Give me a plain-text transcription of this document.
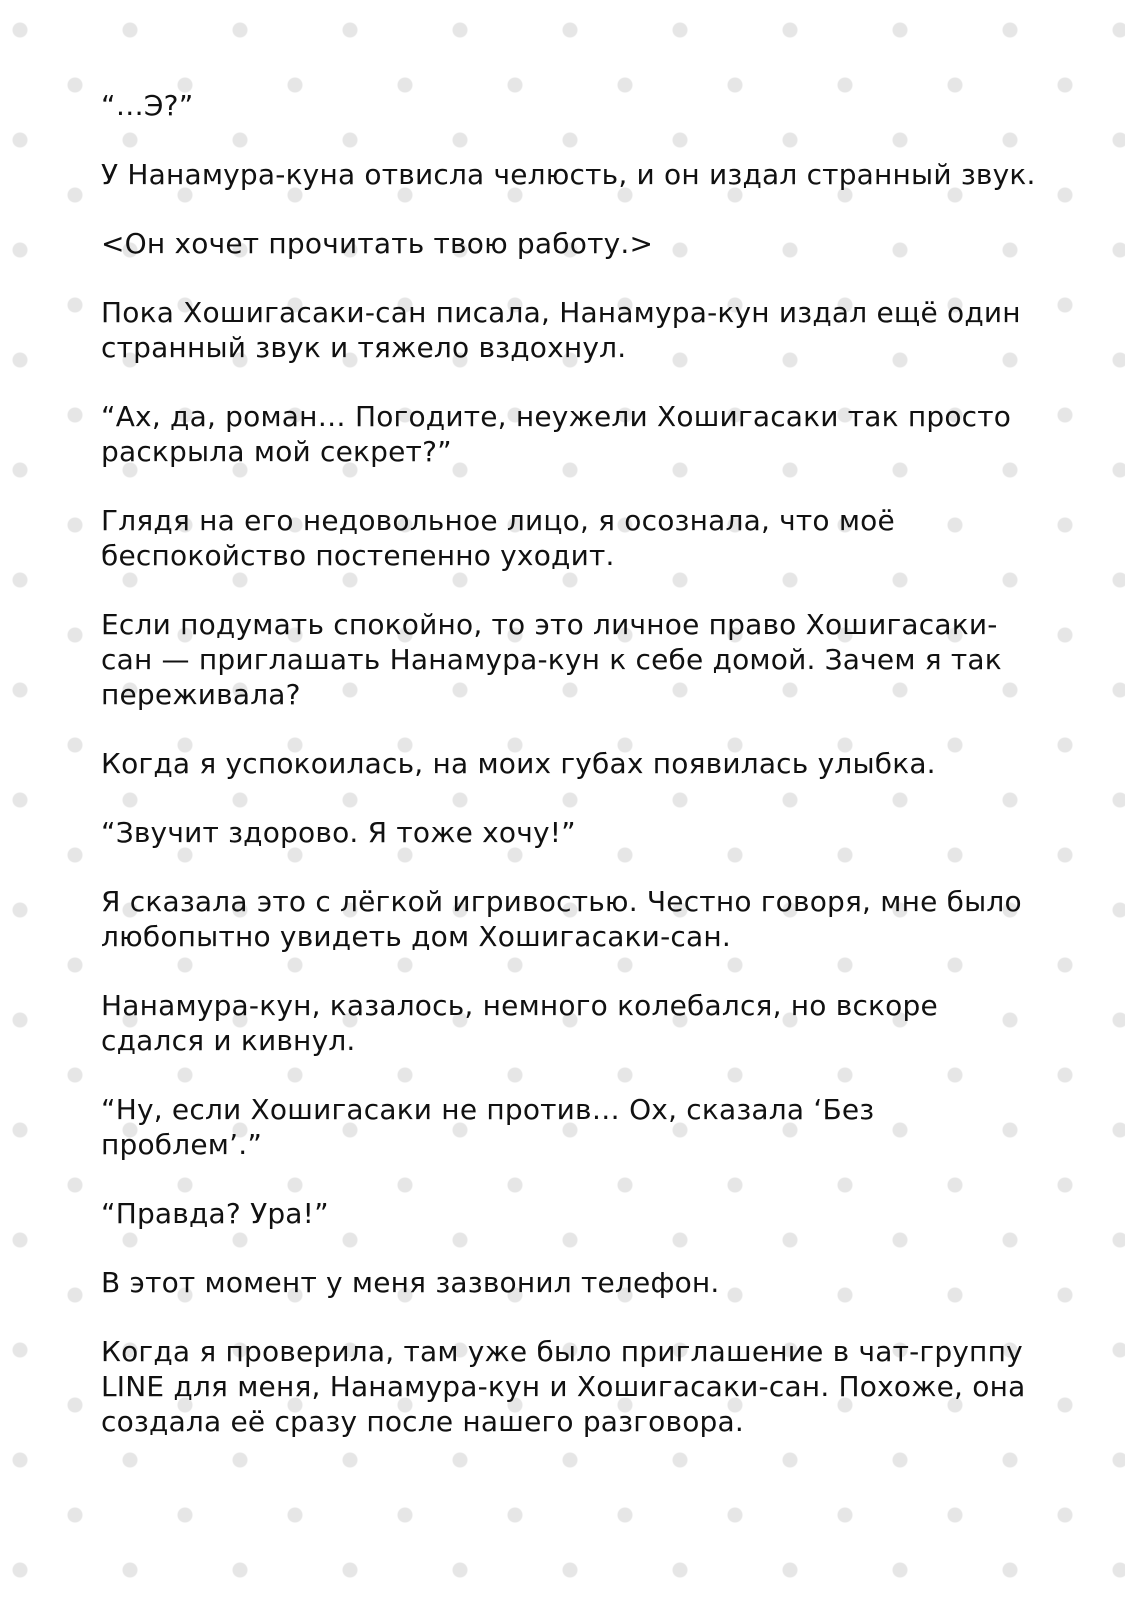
“…Э?”

У Нанамура-куна отвисла челюсть, и он издал странный звук.

<Он хочет прочитать твою работу.>

Пока Хошигасаки-сан писала, Нанамура-кун издал ещё один странный звук и тяжело вздохнул.

“Ах, да, роман… Погодите, неужели Хошигасаки так просто раскрыла мой секрет?”

Глядя на его недовольное лицо, я осознала, что моё беспокойство постепенно уходит.

Если подумать спокойно, то это личное право Хошигасаки-сан — приглашать Нанамура-кун к себе домой. Зачем я так переживала?

Когда я успокоилась, на моих губах появилась улыбка.

“Звучит здорово. Я тоже хочу!”

Я сказала это с лёгкой игривостью. Честно говоря, мне было любопытно увидеть дом Хошигасаки-сан.

Нанамура-кун, казалось, немного колебался, но вскоре сдался и кивнул.

“Ну, если Хошигасаки не против… Ох, сказала ‘Без проблем’.”

“Правда? Ура!”

В этот момент у меня зазвонил телефон.

Когда я проверила, там уже было приглашение в чат-группу LINE для меня, Нанамура-кун и Хошигасаки-сан. Похоже, она создала её сразу после нашего разговора.
